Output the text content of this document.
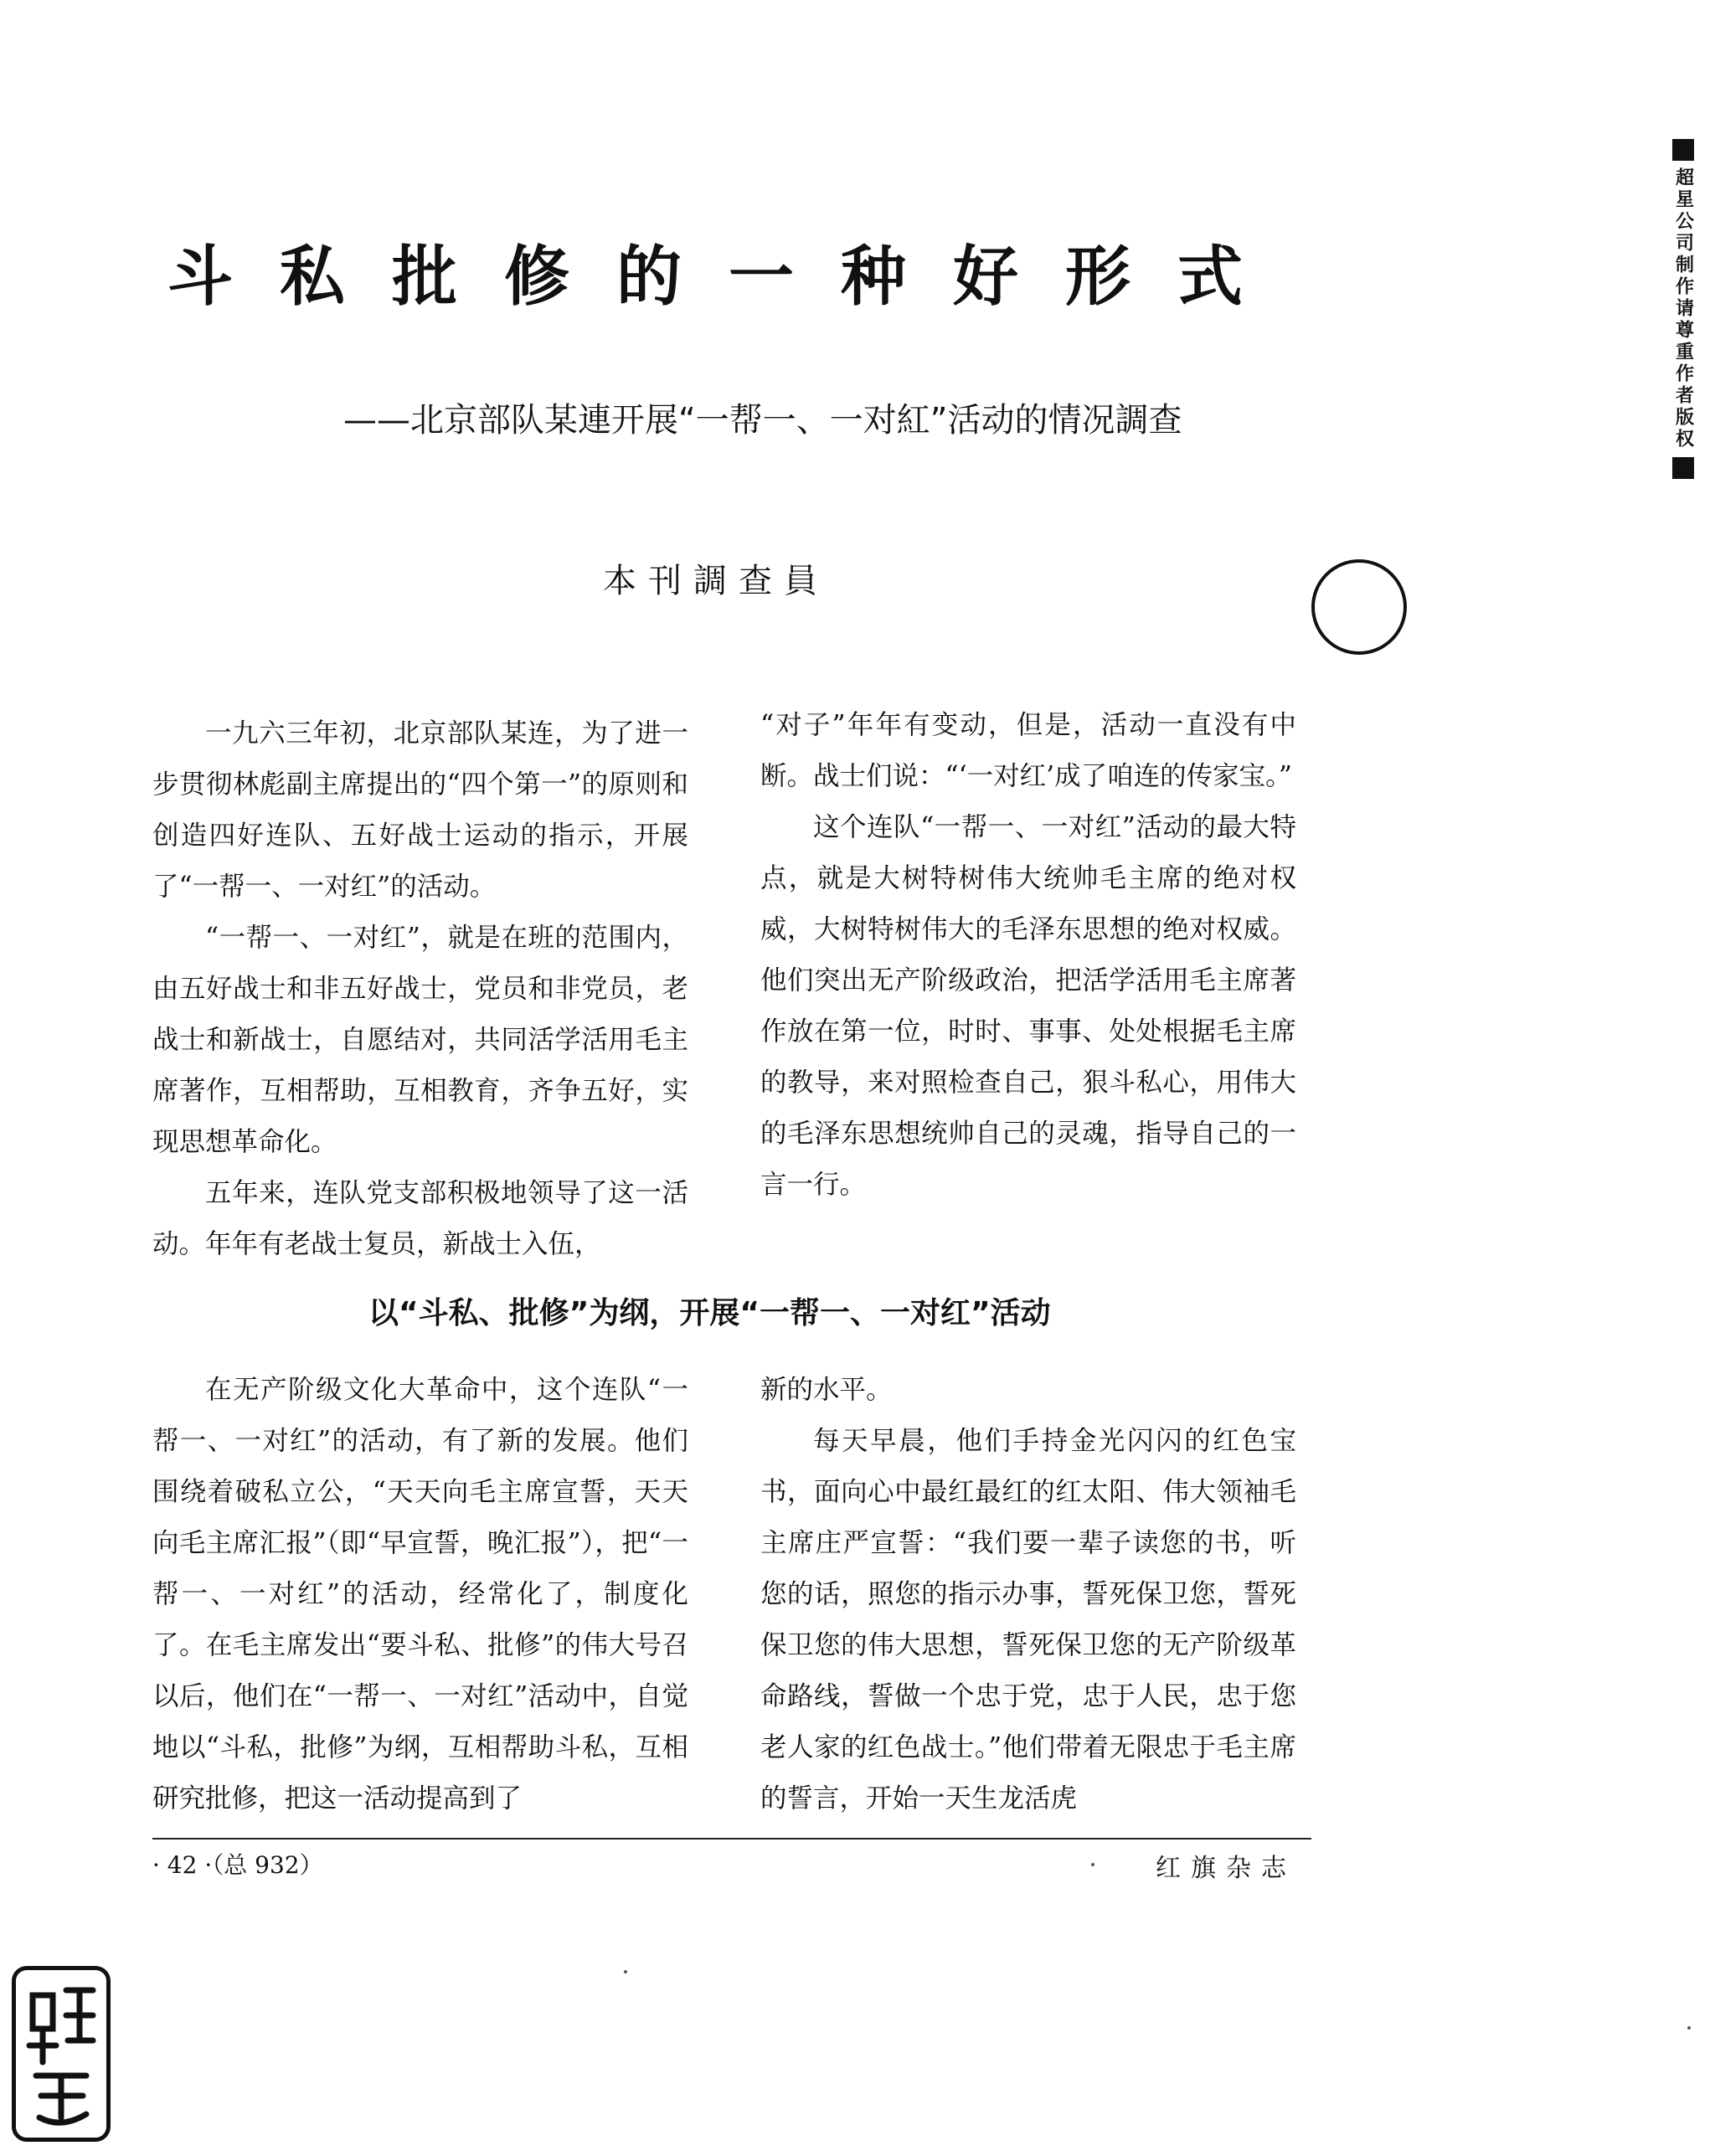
斗私批修的一种好形式
——北京部队某連开展“一帮一、一对紅”活动的情况調查
本刊調查員

一九六三年初，北京部队某连，为了进一步贯彻林彪副主席提出的“四个第一”的原则和创造四好连队、五好战士运动的指示，开展了“一帮一、一对红”的活动。

“一帮一、一对红”，就是在班的范围内，由五好战士和非五好战士，党员和非党员，老战士和新战士，自愿结对，共同活学活用毛主席著作，互相帮助，互相教育，齐争五好，实现思想革命化。

五年来，连队党支部积极地领导了这一活动。年年有老战士复员，新战士入伍，

“对子”年年有变动，但是，活动一直没有中断。战士们说：“‘一对红’成了咱连的传家宝。”

这个连队“一帮一、一对红”活动的最大特点，就是大树特树伟大统帅毛主席的绝对权威，大树特树伟大的毛泽东思想的绝对权威。他们突出无产阶级政治，把活学活用毛主席著作放在第一位，时时、事事、处处根据毛主席的教导，来对照检查自己，狠斗私心，用伟大的毛泽东思想统帅自己的灵魂，指导自己的一言一行。

以“斗私、批修”为纲，开展“一帮一、一对红”活动

在无产阶级文化大革命中，这个连队“一帮一、一对红”的活动，有了新的发展。他们围绕着破私立公，“天天向毛主席宣誓，天天向毛主席汇报”（即“早宣誓，晚汇报”），把“一帮一、一对红”的活动，经常化了，制度化了。在毛主席发出“要斗私、批修”的伟大号召以后，他们在“一帮一、一对红”活动中，自觉地以“斗私，批修”为纲，互相帮助斗私，互相研究批修，把这一活动提高到了

新的水平。

每天早晨，他们手持金光闪闪的红色宝书，面向心中最红最红的红太阳、伟大领袖毛主席庄严宣誓：“我们要一辈子读您的书，听您的话，照您的指示办事，誓死保卫您，誓死保卫您的伟大思想，誓死保卫您的无产阶级革命路线，誓做一个忠于党，忠于人民，忠于您老人家的红色战士。”他们带着无限忠于毛主席的誓言，开始一天生龙活虎

· 42 ·（总 932）	红旗杂志
超星公司制作请尊重作者版权
